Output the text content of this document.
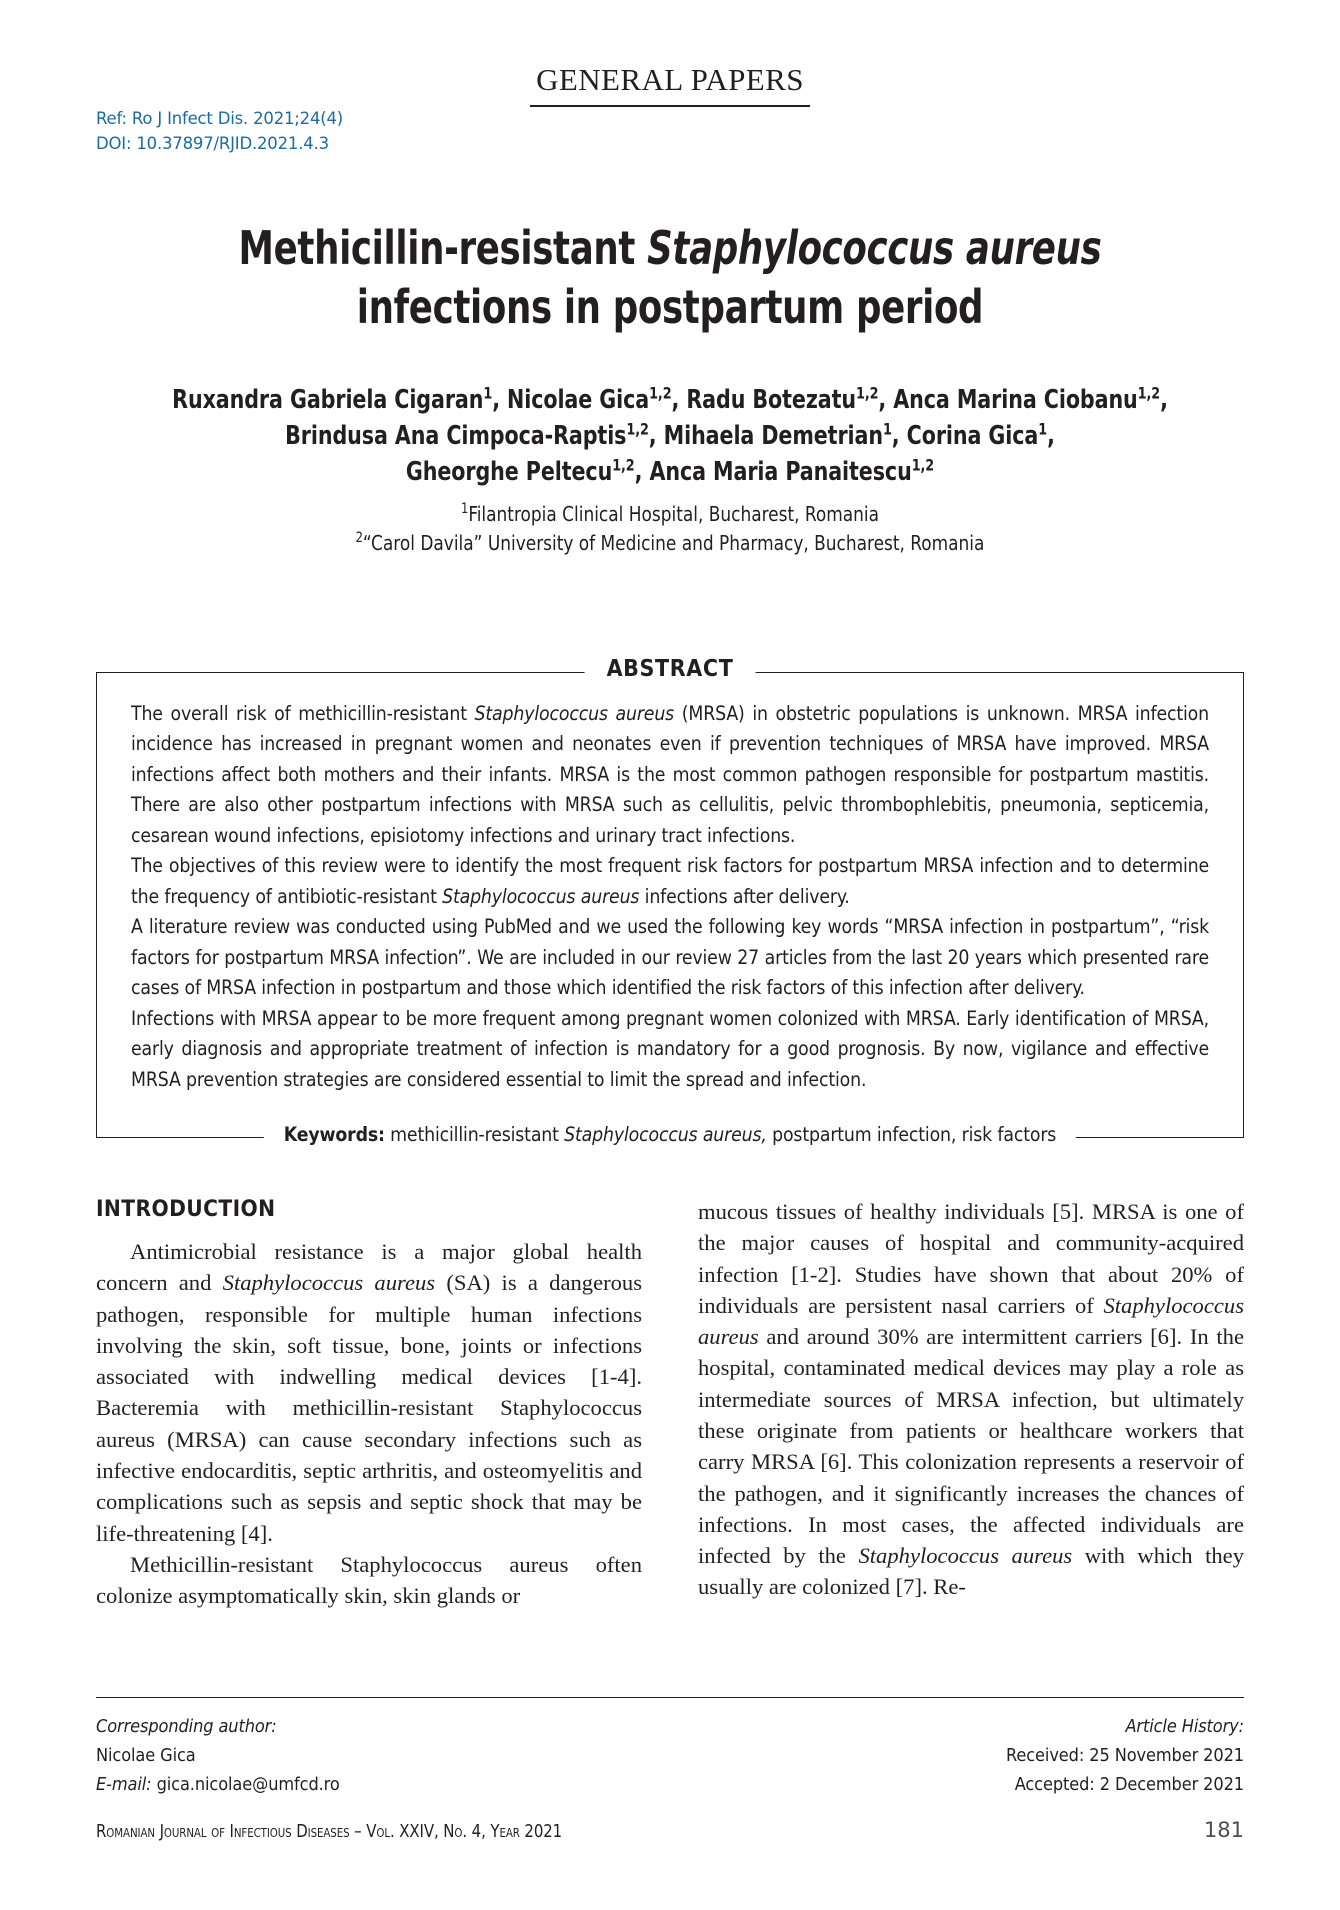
GENERAL PAPERS
Ref: Ro J Infect Dis. 2021;24(4)
DOI: 10.37897/RJID.2021.4.3
Methicillin-resistant Staphylococcus aureus
infections in postpartum period
Ruxandra Gabriela Cigaran$^1$, Nicolae Gica$^{1,2}$, Radu Botezatu$^{1,2}$, Anca Marina Ciobanu$^{1,2}$,
Brindusa Ana Cimpoca-Raptis$^{1,2}$, Mihaela Demetrian$^1$, Corina Gica$^1$,
Gheorghe Peltecu$^{1,2}$, Anca Maria Panaitescu$^{1,2}$
$^1$Filantropia Clinical Hospital, Bucharest, Romania
$^2$“Carol Davila” University of Medicine and Pharmacy, Bucharest, Romania
ABSTRACT

The overall risk of methicillin-resistant Staphylococcus aureus (MRSA) in obstetric populations is unknown. MRSA infection incidence has increased in pregnant women and neonates even if prevention techniques of MRSA have improved. MRSA infections affect both mothers and their infants. MRSA is the most common pathogen responsible for postpartum mastitis. There are also other postpartum infections with MRSA such as cellulitis, pelvic thrombophlebitis, pneumonia, septicemia, cesarean wound infections, episiotomy infections and urinary tract infections.

The objectives of this review were to identify the most frequent risk factors for postpartum MRSA infection and to determine the frequency of antibiotic-resistant Staphylococcus aureus infections after delivery.

A literature review was conducted using PubMed and we used the following key words “MRSA infection in postpartum”, “risk factors for postpartum MRSA infection”. We are included in our review 27 articles from the last 20 years which presented rare cases of MRSA infection in postpartum and those which identified the risk factors of this infection after delivery.

Infections with MRSA appear to be more frequent among pregnant women colonized with MRSA. Early identification of MRSA, early diagnosis and appropriate treatment of infection is mandatory for a good prognosis. By now, vigilance and effective MRSA prevention strategies are considered essential to limit the spread and infection.

Keywords: methicillin-resistant Staphylococcus aureus, postpartum infection, risk factors
INTRODUCTION

Antimicrobial resistance is a major global health concern and Staphylococcus aureus (SA) is a dangerous pathogen, responsible for multiple human infections involving the skin, soft tissue, bone, joints or infections associated with indwelling medical devices [1-4]. Bacteremia with methicillin-resistant Staphylococcus aureus (MRSA) can cause secondary infections such as infective endocarditis, septic arthritis, and osteomyelitis and complications such as sepsis and septic shock that may be life-threatening [4].

Methicillin-resistant Staphylococcus aureus often colonize asymptomatically skin, skin glands or

mucous tissues of healthy individuals [5]. MRSA is one of the major causes of hospital and community-acquired infection [1-2]. Studies have shown that about 20% of individuals are persistent nasal carriers of Staphylococcus aureus and around 30% are intermittent carriers [6]. In the hospital, contaminated medical devices may play a role as intermediate sources of MRSA infection, but ultimately these originate from patients or healthcare workers that carry MRSA [6]. This colonization represents a reservoir of the pathogen, and it significantly increases the chances of infections. In most cases, the affected individuals are infected by the Staphylococcus aureus with which they usually are colonized [7]. Re-

Corresponding author:
Nicolae Gica
E-mail: gica.nicolae@umfcd.ro
Article History:
Received: 25 November 2021
Accepted: 2 December 2021
Romanian Journal of Infectious Diseases – Vol. XXIV, No. 4, Year 2021	181
